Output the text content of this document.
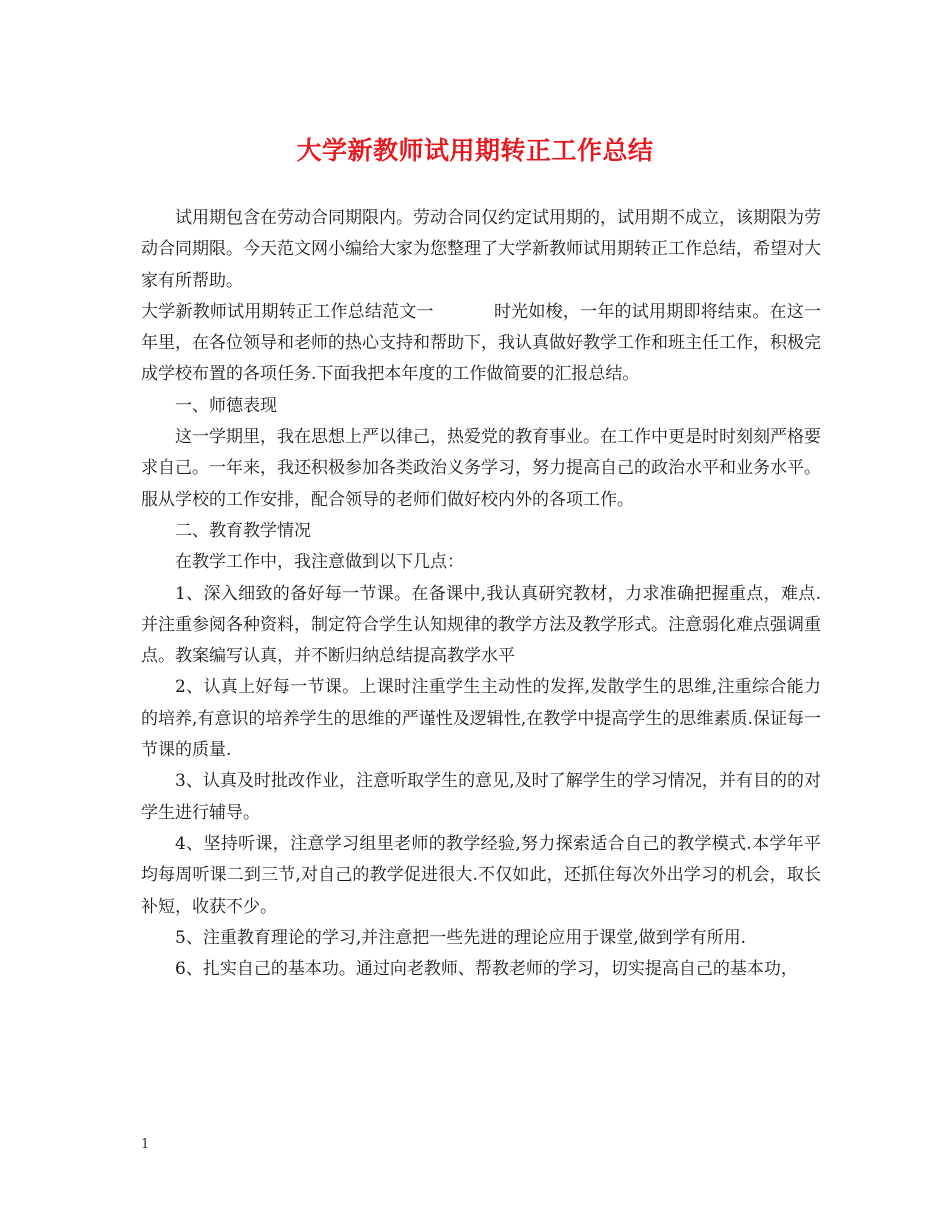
大学新教师试用期转正工作总结

试用期包含在劳动合同期限内。劳动合同仅约定试用期的，试用期不成立，该期限为劳动合同期限。今天范文网小编给大家为您整理了大学新教师试用期转正工作总结，希望对大家有所帮助。

大学新教师试用期转正工作总结范文一	时光如梭，一年的试用期即将结束。在这一年里，在各位领导和老师的热心支持和帮助下，我认真做好教学工作和班主任工作，积极完成学校布置的各项任务.下面我把本年度的工作做简要的汇报总结。

一、师德表现

这一学期里，我在思想上严以律己，热爱党的教育事业。在工作中更是时时刻刻严格要求自己。一年来，我还积极参加各类政治义务学习，努力提高自己的政治水平和业务水平。服从学校的工作安排，配合领导的老师们做好校内外的各项工作。

二、教育教学情况

在教学工作中，我注意做到以下几点：

1、深入细致的备好每一节课。在备课中,我认真研究教材，力求准确把握重点，难点.并注重参阅各种资料，制定符合学生认知规律的教学方法及教学形式。注意弱化难点强调重点。教案编写认真，并不断归纳总结提高教学水平

2、认真上好每一节课。上课时注重学生主动性的发挥,发散学生的思维,注重综合能力的培养,有意识的培养学生的思维的严谨性及逻辑性,在教学中提高学生的思维素质.保证每一节课的质量.

3、认真及时批改作业，注意听取学生的意见,及时了解学生的学习情况，并有目的的对学生进行辅导。

4、坚持听课，注意学习组里老师的教学经验,努力探索适合自己的教学模式.本学年平均每周听课二到三节,对自己的教学促进很大.不仅如此，还抓住每次外出学习的机会，取长补短，收获不少。

5、注重教育理论的学习,并注意把一些先进的理论应用于课堂,做到学有所用.

6、扎实自己的基本功。通过向老教师、帮教老师的学习，切实提高自己的基本功，

1
